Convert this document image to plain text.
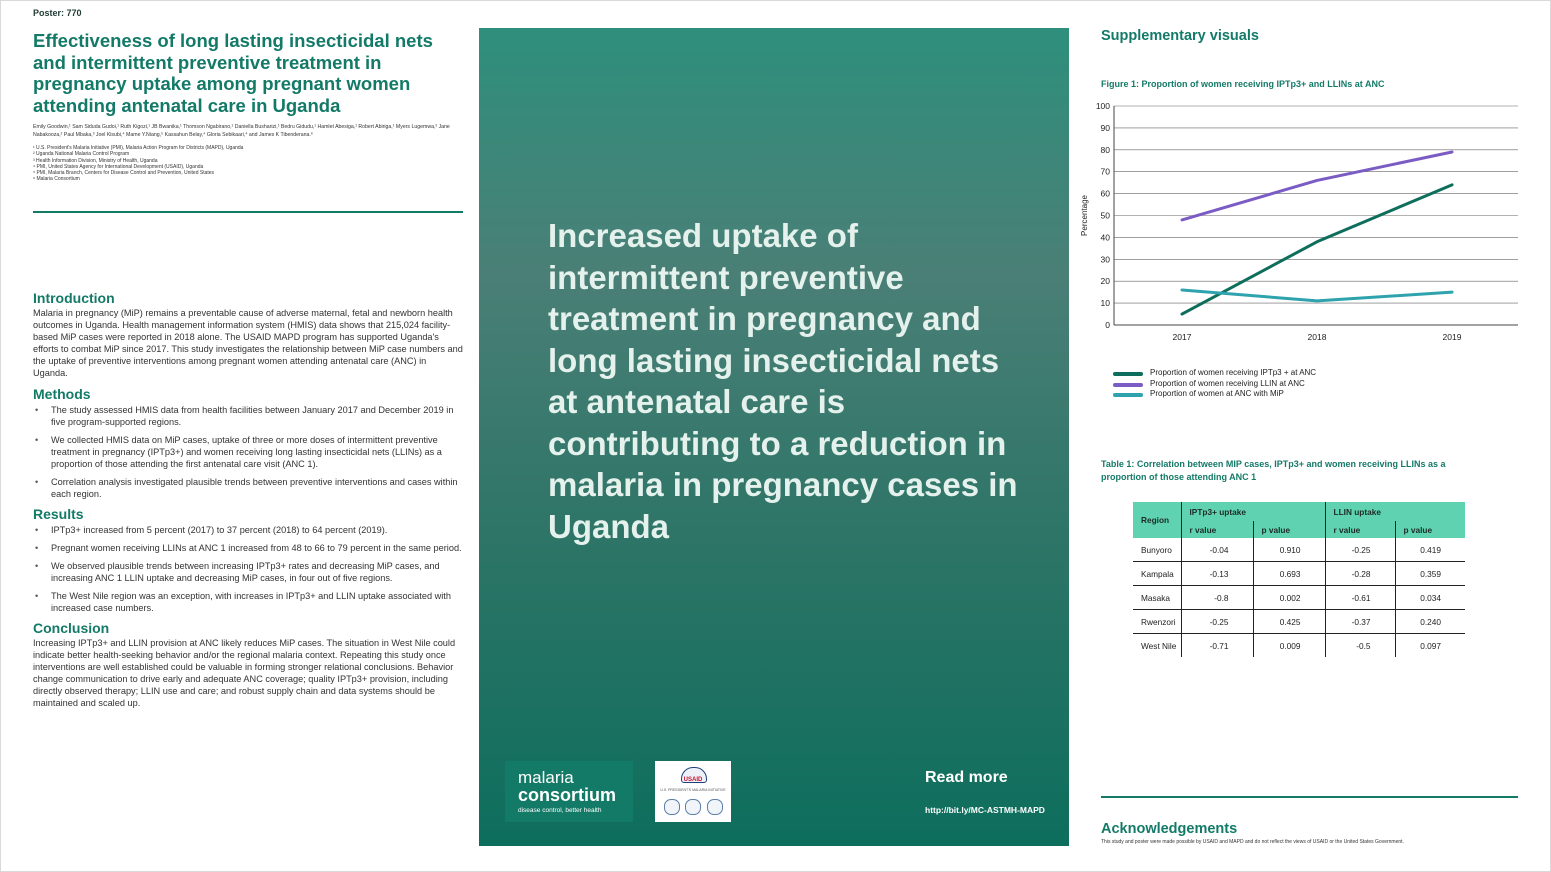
Poster: 770
Effectiveness of long lasting insecticidal nets and intermittent preventive treatment in pregnancy uptake among pregnant women attending antenatal care in Uganda
Emily Goodwin,¹ Sam Siduda Gudoi,¹ Ruth Kigozi,¹ JB Bwanika,¹ Thomson Ngabirano,¹ Daniella Busharizi,¹ Bedru Gidudu,¹ Hamlet Abesiga,¹ Robert Abiriga,¹ Myers Lugemwa,² Jane Nabakooza,² Paul Mbaka,³ Joel Kisubi,⁴ Mame Y.Niang,⁵ Kassahun Belay,⁴ Gloria Sebikaari,⁴ and James K Tibenderana.⁶
¹ U.S. President's Malaria Initiative (PMI), Malaria Action Program for Districts (MAPD), Uganda
² Uganda National Malaria Control Program
³ Health Information Division, Ministry of Health, Uganda
⁴ PMI, United States Agency for International Development (USAID), Uganda
⁵ PMI, Malaria Branch, Centers for Disease Control and Prevention, United States
⁶ Malaria Consortium
Introduction

Malaria in pregnancy (MiP) remains a preventable cause of adverse maternal, fetal and newborn health outcomes in Uganda. Health management information system (HMIS) data shows that 215,024 facility-based MiP cases were reported in 2018 alone. The USAID MAPD program has supported Uganda's efforts to combat MiP since 2017. This study investigates the relationship between MiP case numbers and the uptake of preventive interventions among pregnant women attending antenatal care (ANC) in Uganda.

Methods
• The study assessed HMIS data from health facilities between January 2017 and December 2019 in five program-supported regions.
• We collected HMIS data on MiP cases, uptake of three or more doses of intermittent preventive treatment in pregnancy (IPTp3+) and women receiving long lasting insecticidal nets (LLINs) as a proportion of those attending the first antenatal care visit (ANC 1).
• Correlation analysis investigated plausible trends between preventive interventions and cases within each region.
Results
• IPTp3+ increased from 5 percent (2017) to 37 percent (2018) to 64 percent (2019).
• Pregnant women receiving LLINs at ANC 1 increased from 48 to 66 to 79 percent in the same period.
• We observed plausible trends between increasing IPTp3+ rates and decreasing MiP cases, and increasing ANC 1 LLIN uptake and decreasing MiP cases, in four out of five regions.
• The West Nile region was an exception, with increases in IPTp3+ and LLIN uptake associated with increased case numbers.
Conclusion

Increasing IPTp3+ and LLIN provision at ANC likely reduces MiP cases. The situation in West Nile could indicate better health-seeking behavior and/or the regional malaria context. Repeating this study once interventions are well established could be valuable in forming stronger relational conclusions. Behavior change communication to drive early and adequate ANC coverage; quality IPTp3+ provision, including directly observed therapy; LLIN use and care; and robust supply chain and data systems should be maintained and scaled up.

Increased uptake of intermittent preventive treatment in pregnancy and long lasting insecticidal nets at antenatal care is contributing to a reduction in malaria in pregnancy cases in Uganda
malaria
consortium
disease control, better health
USAID
U.S. PRESIDENT'S MALARIA INITIATIVE
Read more
http://bit.ly/MC-ASTMH-MAPD
Supplementary visuals
Figure 1: Proportion of women receiving IPTp3+ and LLINs at ANC
0
10
20
30
40
50
60
70
80
90
100
2017	2018	2019
Percentage
Proportion of women receiving IPTp3 + at ANC
Proportion of women receiving LLIN at ANC
Proportion of women at ANC with MiP
Table 1: Correlation between MIP cases, IPTp3+ and women receiving LLINs as a proportion of those attending ANC 1
Region	IPTp3+ uptake		LLIN uptake	
	r value	p value	r value	p value
Bunyoro	-0.04	0.910	-0.25	0.419
Kampala	-0.13	0.693	-0.28	0.359
Masaka	-0.8	0.002	-0.61	0.034
Rwenzori	-0.25	0.425	-0.37	0.240
West Nile	-0.71	0.009	-0.5	0.097
Acknowledgements
This study and poster were made possible by USAID and MAPD and do not reflect the views of USAID or the United States Government.
